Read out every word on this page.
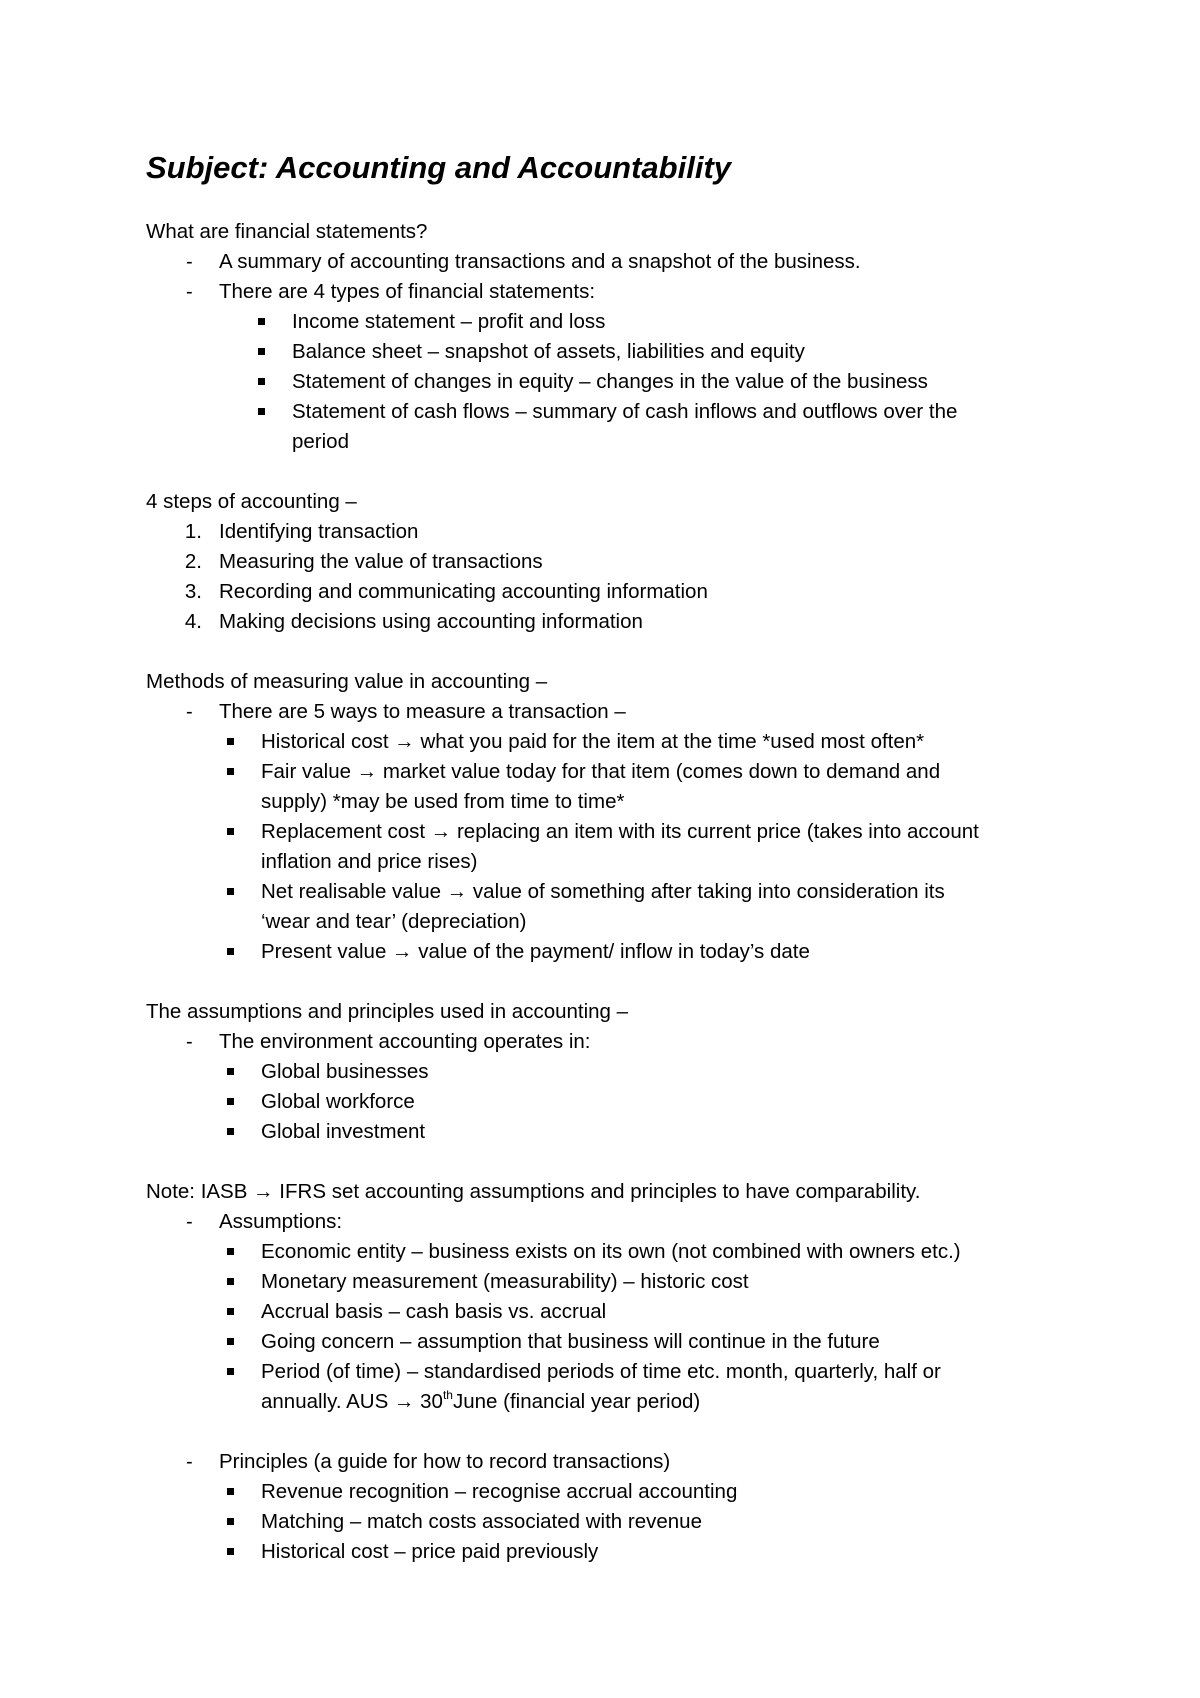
Subject: Accounting and Accountability
What are financial statements?
- A summary of accounting transactions and a snapshot of the business.
- There are 4 types of financial statements:
Income statement – profit and loss
Balance sheet – snapshot of assets, liabilities and equity
Statement of changes in equity – changes in the value of the business
Statement of cash flows – summary of cash inflows and outflows over the
period
4 steps of accounting –
1. Identifying transaction
2. Measuring the value of transactions
3. Recording and communicating accounting information
4. Making decisions using accounting information
Methods of measuring value in accounting –
- There are 5 ways to measure a transaction –
Historical cost → what you paid for the item at the time *used most often*
Fair value → market value today for that item (comes down to demand and
supply) *may be used from time to time*
Replacement cost → replacing an item with its current price (takes into account
inflation and price rises)
Net realisable value → value of something after taking into consideration its
‘wear and tear’ (depreciation)
Present value → value of the payment/ inflow in today’s date
The assumptions and principles used in accounting –
- The environment accounting operates in:
Global businesses
Global workforce
Global investment
Note: IASB → IFRS set accounting assumptions and principles to have comparability.
- Assumptions:
Economic entity – business exists on its own (not combined with owners etc.)
Monetary measurement (measurability) – historic cost
Accrual basis – cash basis vs. accrual
Going concern – assumption that business will continue in the future
Period (of time) – standardised periods of time etc. month, quarterly, half or
annually. AUS → 30thJune (financial year period)
- Principles (a guide for how to record transactions)
Revenue recognition – recognise accrual accounting
Matching – match costs associated with revenue
Historical cost – price paid previously
